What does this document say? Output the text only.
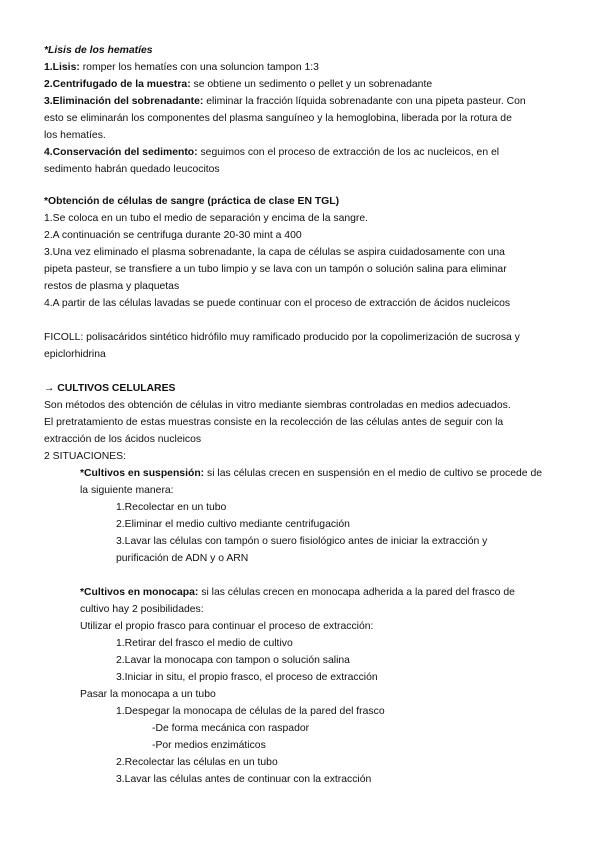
*Lisis de los hematíes
1.Lisis: romper los hematíes con una soluncion tampon 1:3
2.Centrifugado de la muestra: se obtiene un sedimento o pellet y un sobrenadante
3.Eliminación del sobrenadante: eliminar la fracción líquida sobrenadante con una pipeta pasteur. Con
esto se eliminarán los componentes del plasma sanguíneo y la hemoglobina, liberada por la rotura de
los hematíes.
4.Conservación del sedimento: seguimos con el proceso de extracción de los ac nucleicos, en el
sedimento habrán quedado leucocitos
*Obtención de células de sangre (práctica de clase EN TGL)
1.Se coloca en un tubo el medio de separación y encima de la sangre.
2.A continuación se centrifuga durante 20-30 mint a 400
3.Una vez eliminado el plasma sobrenadante, la capa de células se aspira cuidadosamente con una
pipeta pasteur, se transfiere a un tubo limpio y se lava con un tampón o solución salina para eliminar
restos de plasma y plaquetas
4.A partir de las células lavadas se puede continuar con el proceso de extracción de ácidos nucleicos
FICOLL: polisacáridos sintético hidrófilo muy ramificado producido por la copolimerización de sucrosa y
epiclorhidrina
→ CULTIVOS CELULARES
Son métodos des obtención de células in vitro mediante siembras controladas en medios adecuados.
El pretratamiento de estas muestras consiste en la recolección de las células antes de seguir con la
extracción de los ácidos nucleicos
2 SITUACIONES:
*Cultivos en suspensión: si las células crecen en suspensión en el medio de cultivo se procede de
la siguiente manera:
1.Recolectar en un tubo
2.Eliminar el medio cultivo mediante centrifugación
3.Lavar las células con tampón o suero fisiológico antes de iniciar la extracción y
purificación de ADN y o ARN
*Cultivos en monocapa: si las células crecen en monocapa adherida a la pared del frasco de
cultivo hay 2 posibilidades:
Utilizar el propio frasco para continuar el proceso de extracción:
1.Retirar del frasco el medio de cultivo
2.Lavar la monocapa con tampon o solución salina
3.Iniciar in situ, el propio frasco, el proceso de extracción
Pasar la monocapa a un tubo
1.Despegar la monocapa de células de la pared del frasco
-De forma mecánica con raspador
-Por medios enzimáticos
2.Recolectar las células en un tubo
3.Lavar las células antes de continuar con la extracción
